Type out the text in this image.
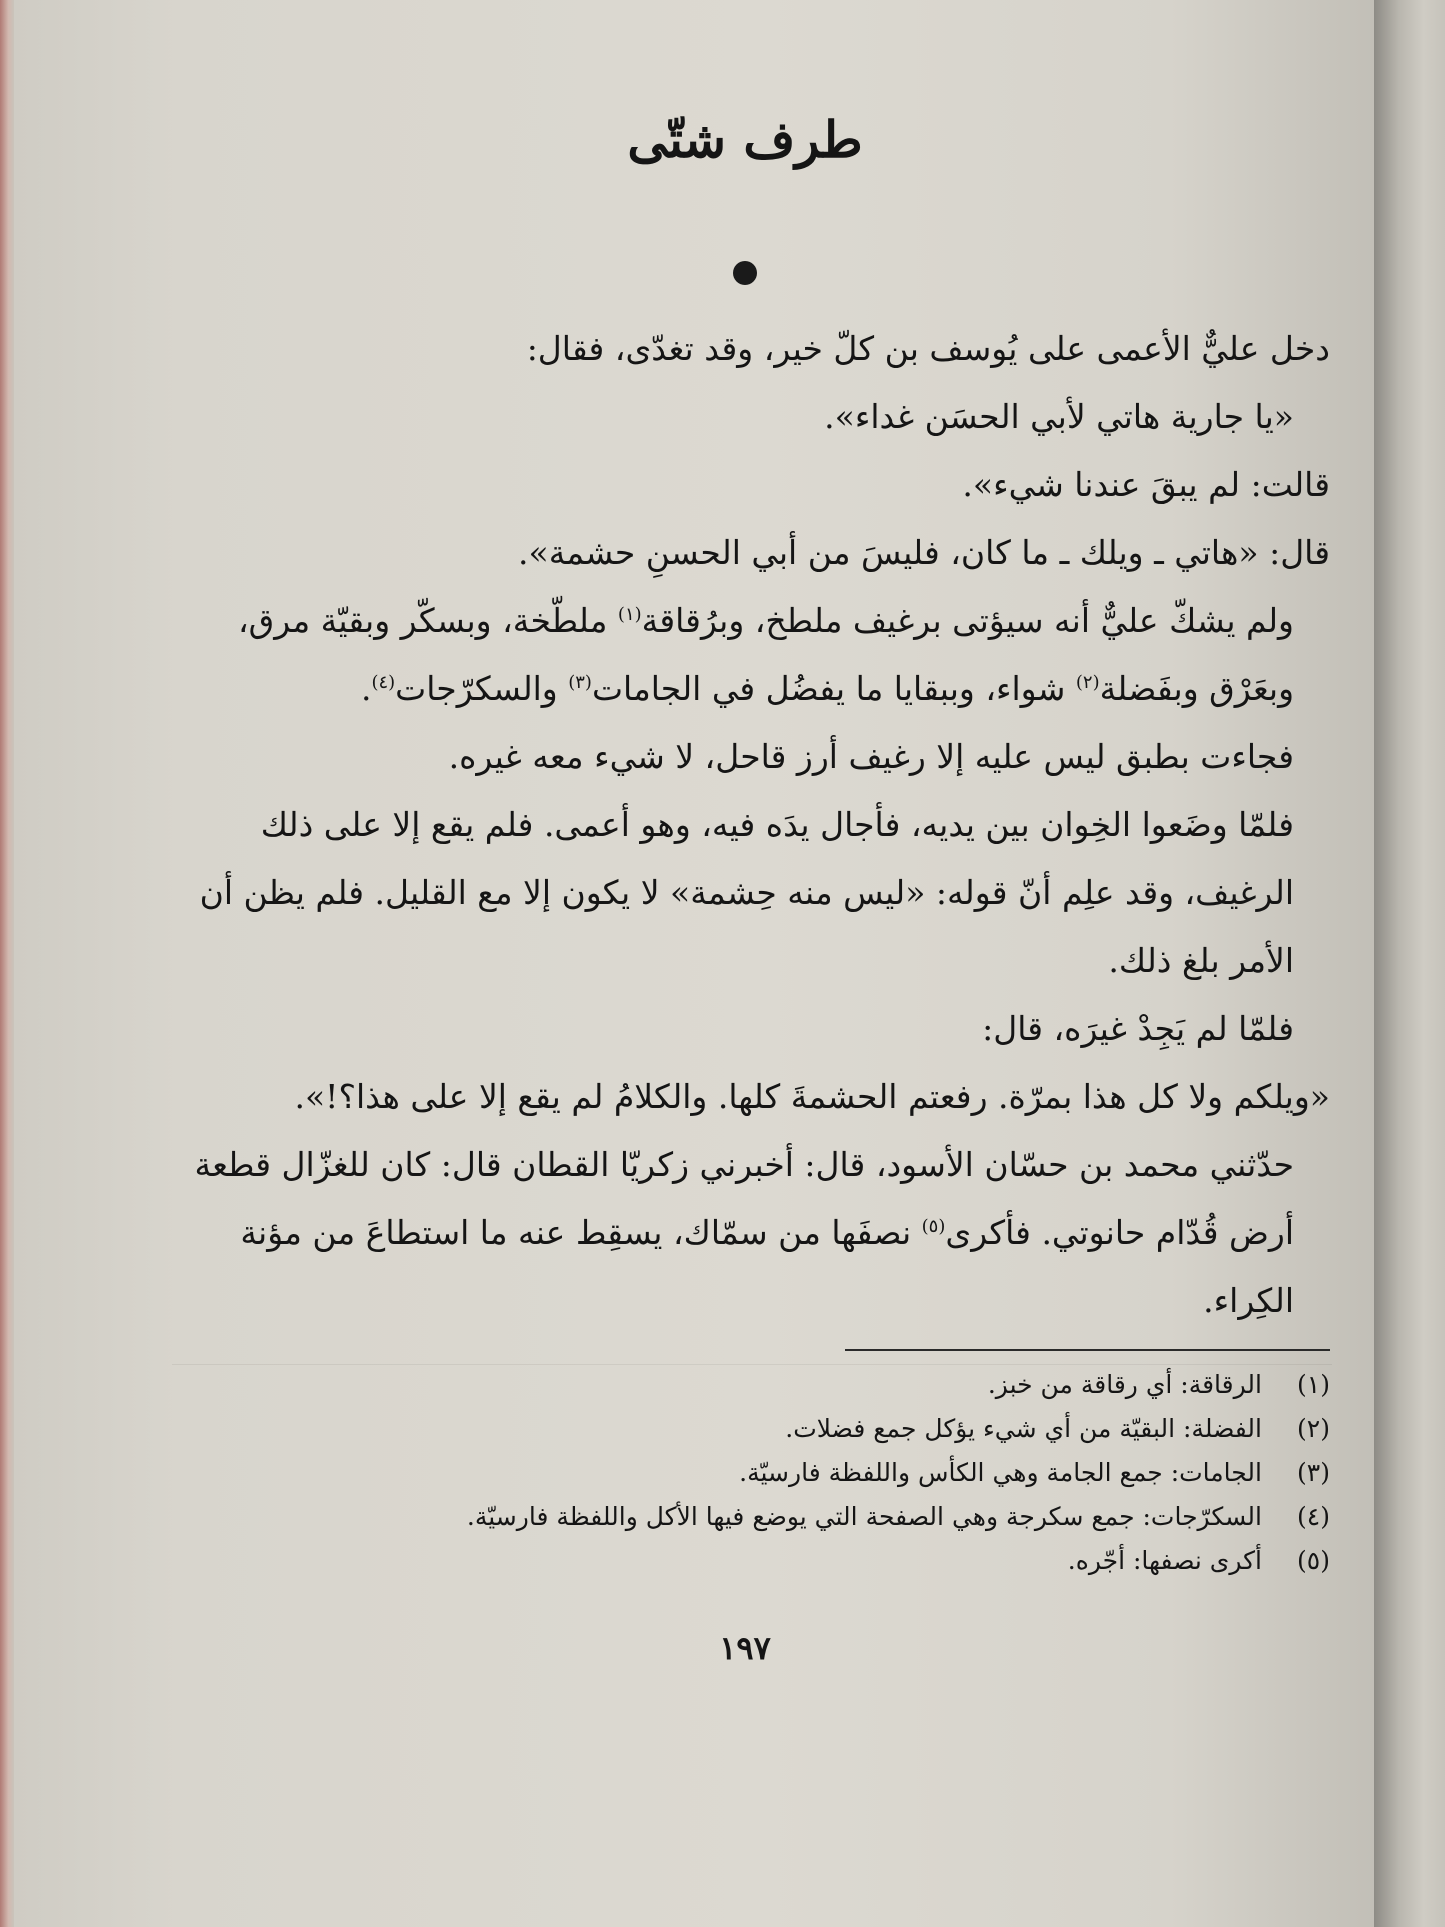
طرف شتّى

دخل عليٌّ الأعمى على يُوسف بن كلّ خير، وقد تغدّى، فقال:

«يا جارية هاتي لأبي الحسَن غداء».

قالت: لم يبقَ عندنا شيء».

قال: «هاتي ـ ويلك ـ ما كان، فليسَ من أبي الحسنِ حشمة».

ولم يشكّ عليٌّ أنه سيؤتى برغيف ملطخ، وبرُقاقة$^{(١)}$ ملطّخة، وبسكّر وبقيّة مرق، وبعَرْق وبفَضلة$^{(٢)}$ شواء، وببقايا ما يفضُل في الجامات$^{(٣)}$ والسكرّجات$^{(٤)}$.

فجاءت بطبق ليس عليه إلا رغيف أرز قاحل، لا شيء معه غيره.

فلمّا وضَعوا الخِوان بين يديه، فأجال يدَه فيه، وهو أعمى. فلم يقع إلا على ذلك الرغيف، وقد علِم أنّ قوله: «ليس منه حِشمة» لا يكون إلا مع القليل. فلم يظن أن الأمر بلغ ذلك.

فلمّا لم يَجِدْ غيرَه، قال:

«ويلكم ولا كل هذا بمرّة. رفعتم الحشمةَ كلها. والكلامُ لم يقع إلا على هذا؟!».

حدّثني محمد بن حسّان الأسود، قال: أخبرني زكريّا القطان قال: كان للغزّال قطعة أرض قُدّام حانوتي. فأكرى$^{(٥)}$ نصفَها من سمّاك، يسقِط عنه ما استطاعَ من مؤنة الكِراء.

(١)
الرقاقة: أي رقاقة من خبز.
(٢)
الفضلة: البقيّة من أي شيء يؤكل جمع فضلات.
(٣)
الجامات: جمع الجامة وهي الكأس واللفظة فارسيّة.
(٤)
السكرّجات: جمع سكرجة وهي الصفحة التي يوضع فيها الأكل واللفظة فارسيّة.
(٥)
أكرى نصفها: أجّره.
١٩٧
